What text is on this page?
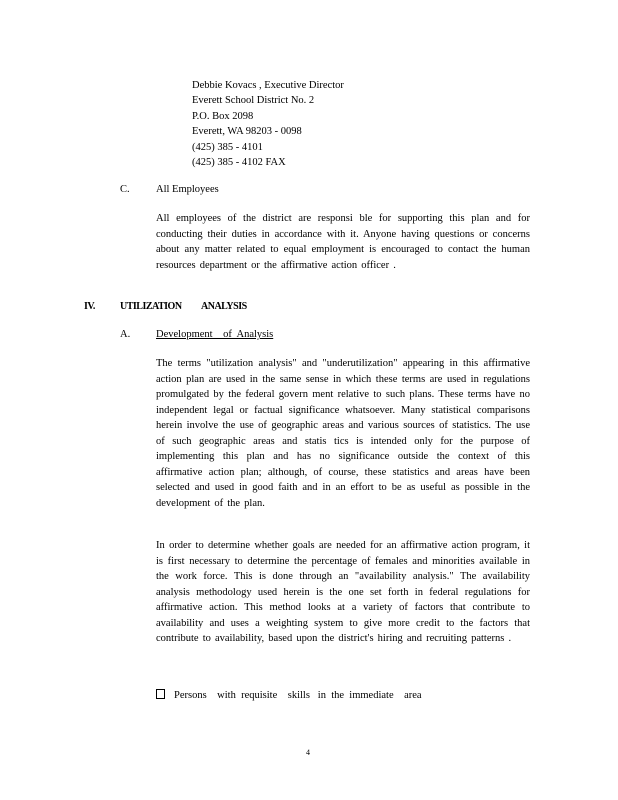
Debbie Kovacs , Executive Director
Everett School District No. 2
P.O. Box 2098
Everett, WA 98203 - 0098
(425) 385 - 4101
(425) 385 - 4102 FAX
C.	All Employees

All employees of the district are responsi ble for supporting this plan and for conducting their duties in accordance with it. Anyone having questions or concerns about any matter related to equal employment is encouraged to contact the human resources department or the affirmative action officer .

IV.	UTILIZATION          ANALYSIS
A. Development    of  Analysis

The terms "utilization analysis" and "underutilization" appearing in this affirmative action plan are used in the same sense in which these terms are used in regulations promulgated by the federal govern ment relative to such plans. These terms have no independent legal or factual significance whatsoever. Many statistical comparisons herein involve the use of geographic areas and various sources of statistics. The use of such geographic areas and statis tics is intended only for the purpose of implementing this plan and has no significance outside the context of this affirmative action plan; although, of course, these statistics and areas have been selected and used in good faith and in an effort to be as useful as possible in the development of the plan.

In order to determine whether goals are needed for an affirmative action program, it is first necessary to determine the percentage of females and minorities available in the work force. This is done through an "availability analysis." The availability analysis methodology used herein is the one set forth in federal regulations for affirmative action. This method looks at a variety of factors that contribute to availability and uses a weighting system to give more credit to the factors that contribute to availability, based upon the district's hiring and recruiting patterns .

Persons    with  requisite    skills   in  the  immediate    area
4
